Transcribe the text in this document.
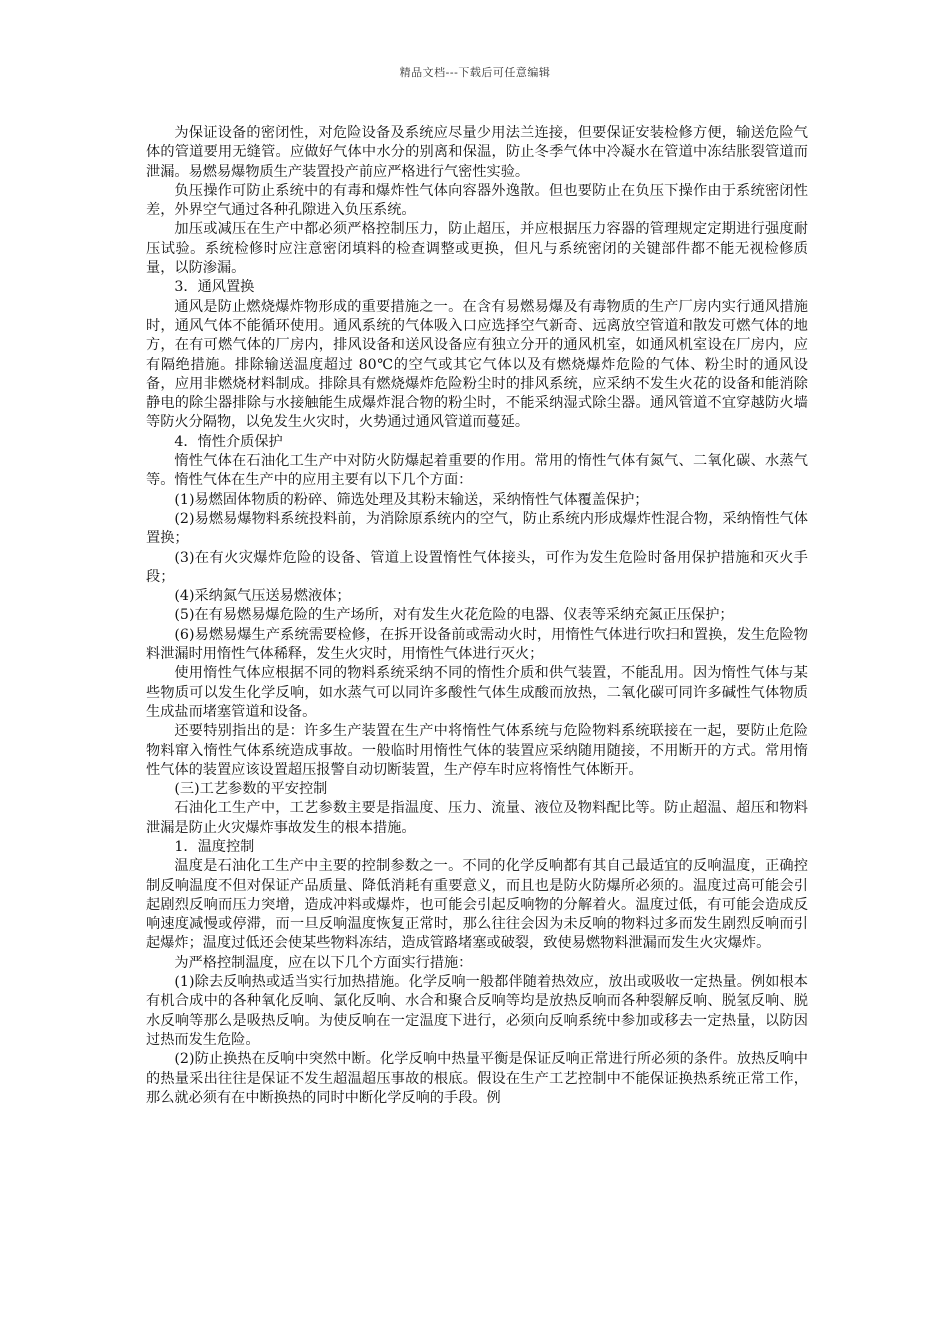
精品文档---下载后可任意编辑

为保证设备的密闭性，对危险设备及系统应尽量少用法兰连接，但要保证安装检修方便，输送危险气体的管道要用无缝管。应做好气体中水分的别离和保温，防止冬季气体中冷凝水在管道中冻结胀裂管道而泄漏。易燃易爆物质生产装置投产前应严格进行气密性实验。

负压操作可防止系统中的有毒和爆炸性气体向容器外逸散。但也要防止在负压下操作由于系统密闭性差，外界空气通过各种孔隙进入负压系统。

加压或减压在生产中都必须严格控制压力，防止超压，并应根据压力容器的管理规定定期进行强度耐压试验。系统检修时应注意密闭填料的检查调整或更换，但凡与系统密闭的关键部件都不能无视检修质量，以防渗漏。

3．通风置换

通风是防止燃烧爆炸物形成的重要措施之一。在含有易燃易爆及有毒物质的生产厂房内实行通风措施时，通风气体不能循环使用。通风系统的气体吸入口应选择空气新奇、远离放空管道和散发可燃气体的地方，在有可燃气体的厂房内，排风设备和送风设备应有独立分开的通风机室，如通风机室设在厂房内，应有隔绝措施。排除输送温度超过 80℃的空气或其它气体以及有燃烧爆炸危险的气体、粉尘时的通风设备，应用非燃烧材料制成。排除具有燃烧爆炸危险粉尘时的排风系统，应采纳不发生火花的设备和能消除静电的除尘器排除与水接触能生成爆炸混合物的粉尘时，不能采纳湿式除尘器。通风管道不宜穿越防火墙等防火分隔物，以免发生火灾时，火势通过通风管道而蔓延。

4．惰性介质保护

惰性气体在石油化工生产中对防火防爆起着重要的作用。常用的惰性气体有氮气、二氧化碳、水蒸气等。惰性气体在生产中的应用主要有以下几个方面：

(1)易燃固体物质的粉碎、筛选处理及其粉末输送，采纳惰性气体覆盖保护；

(2)易燃易爆物料系统投料前，为消除原系统内的空气，防止系统内形成爆炸性混合物，采纳惰性气体置换；

(3)在有火灾爆炸危险的设备、管道上设置惰性气体接头，可作为发生危险时备用保护措施和灭火手段；

(4)采纳氮气压送易燃液体；

(5)在有易燃易爆危险的生产场所，对有发生火花危险的电器、仪表等采纳充氮正压保护；

(6)易燃易爆生产系统需要检修，在拆开设备前或需动火时，用惰性气体进行吹扫和置换，发生危险物料泄漏时用惰性气体稀释，发生火灾时，用惰性气体进行灭火；

使用惰性气体应根据不同的物料系统采纳不同的惰性介质和供气装置，不能乱用。因为惰性气体与某些物质可以发生化学反响，如水蒸气可以同许多酸性气体生成酸而放热，二氧化碳可同许多碱性气体物质生成盐而堵塞管道和设备。

还要特别指出的是：许多生产装置在生产中将惰性气体系统与危险物料系统联接在一起，要防止危险物料窜入惰性气体系统造成事故。一般临时用惰性气体的装置应采纳随用随接，不用断开的方式。常用惰性气体的装置应该设置超压报警自动切断装置，生产停车时应将惰性气体断开。

(三)工艺参数的平安控制

石油化工生产中，工艺参数主要是指温度、压力、流量、液位及物料配比等。防止超温、超压和物料泄漏是防止火灾爆炸事故发生的根本措施。

1．温度控制

温度是石油化工生产中主要的控制参数之一。不同的化学反响都有其自己最适宜的反响温度，正确控制反响温度不但对保证产品质量、降低消耗有重要意义，而且也是防火防爆所必须的。温度过高可能会引起剧烈反响而压力突增，造成冲料或爆炸，也可能会引起反响物的分解着火。温度过低，有可能会造成反响速度减慢或停滞，而一旦反响温度恢复正常时，那么往往会因为未反响的物料过多而发生剧烈反响而引起爆炸；温度过低还会使某些物料冻结，造成管路堵塞或破裂，致使易燃物料泄漏而发生火灾爆炸。

为严格控制温度，应在以下几个方面实行措施：

(1)除去反响热或适当实行加热措施。化学反响一般都伴随着热效应，放出或吸收一定热量。例如根本有机合成中的各种氧化反响、氯化反响、水合和聚合反响等均是放热反响而各种裂解反响、脱氢反响、脱水反响等那么是吸热反响。为使反响在一定温度下进行，必须向反响系统中参加或移去一定热量，以防因过热而发生危险。

(2)防止换热在反响中突然中断。化学反响中热量平衡是保证反响正常进行所必须的条件。放热反响中的热量采出往往是保证不发生超温超压事故的根底。假设在生产工艺控制中不能保证换热系统正常工作，那么就必须有在中断换热的同时中断化学反响的手段。例
